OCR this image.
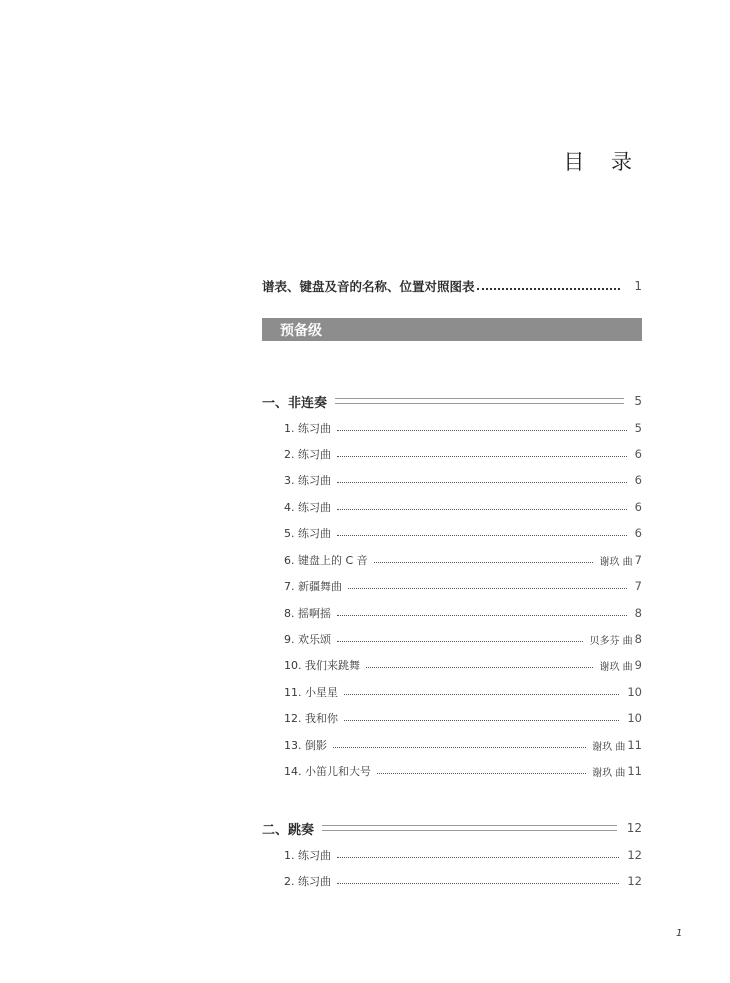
目 录
谱表、键盘及音的名称、位置对照图表	1
预备级
一、非连奏	5
1. 练习曲	5
2. 练习曲	6
3. 练习曲	6
4. 练习曲	6
5. 练习曲	6
6. 键盘上的 C 音	谢玖 曲 7
7. 新疆舞曲	7
8. 摇啊摇	8
9. 欢乐颂	贝多芬 曲 8
10. 我们来跳舞	谢玖 曲 9
11. 小星星	10
12. 我和你	10
13. 倒影	谢玖 曲 11
14. 小笛儿和大号	谢玖 曲 11
二、跳奏	12
1. 练习曲	12
2. 练习曲	12
1
